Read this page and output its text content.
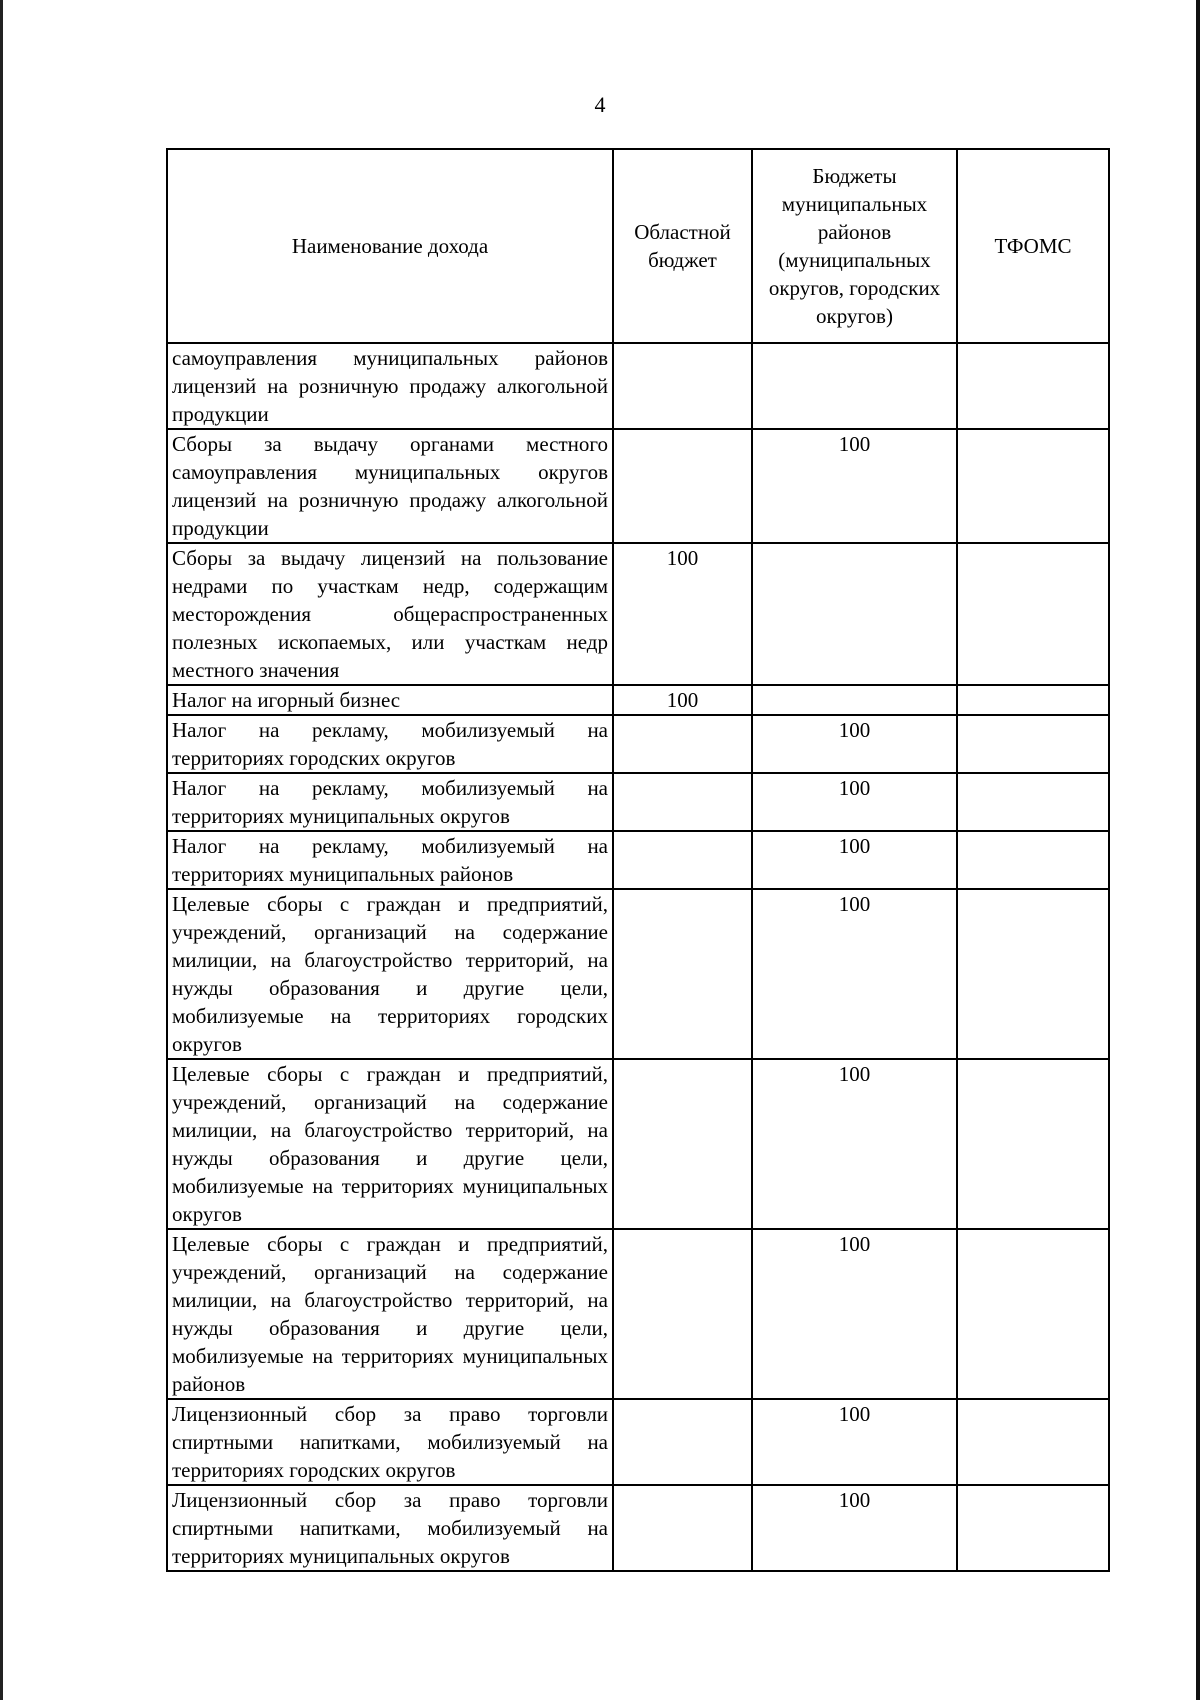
4
Наименование дохода	Областной бюджет	Бюджеты муниципальных районов (муниципальных округов, городских округов)	ТФОМС
самоуправления муниципальных районов лицензий на розничную продажу алкогольной продукции			
Сборы за выдачу органами местного самоуправления муниципальных округов лицензий на розничную продажу алкогольной продукции		100	
Сборы за выдачу лицензий на пользование недрами по участкам недр, содержащим месторождения общераспространенных полезных ископаемых, или участкам недр местного значения	100		
Налог на игорный бизнес	100		
Налог на рекламу, мобилизуемый на территориях городских округов		100	
Налог на рекламу, мобилизуемый на территориях муниципальных округов		100	
Налог на рекламу, мобилизуемый на территориях муниципальных районов		100	
Целевые сборы с граждан и предприятий, учреждений, организаций на содержание милиции, на благоустройство территорий, на нужды образования и другие цели, мобилизуемые на территориях городских округов		100	
Целевые сборы с граждан и предприятий, учреждений, организаций на содержание милиции, на благоустройство территорий, на нужды образования и другие цели, мобилизуемые на территориях муниципальных округов		100	
Целевые сборы с граждан и предприятий, учреждений, организаций на содержание милиции, на благоустройство территорий, на нужды образования и другие цели, мобилизуемые на территориях муниципальных районов		100	
Лицензионный сбор за право торговли спиртными напитками, мобилизуемый на территориях городских округов		100	
Лицензионный сбор за право торговли спиртными напитками, мобилизуемый на территориях муниципальных округов		100	
